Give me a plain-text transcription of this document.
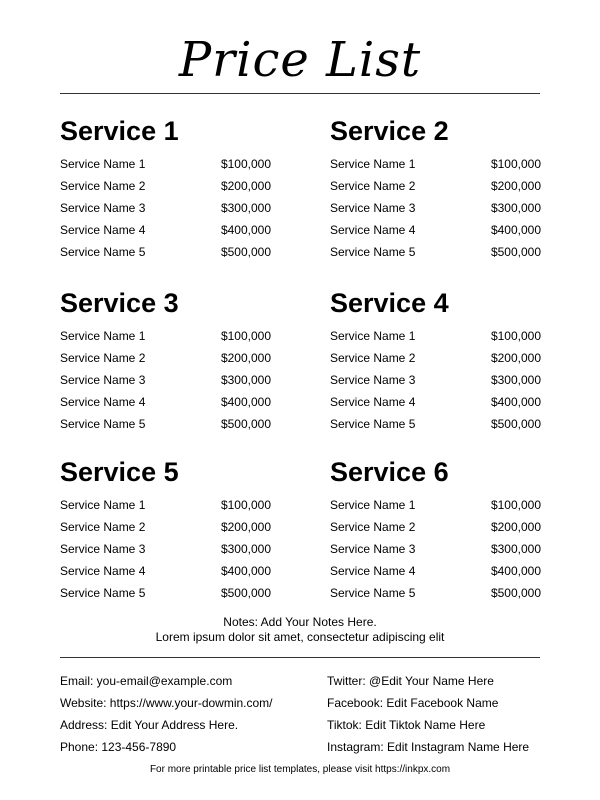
Price List
Service 1
Service Name 1	$100,000
Service Name 2	$200,000
Service Name 3	$300,000
Service Name 4	$400,000
Service Name 5	$500,000
Service 2
Service Name 1	$100,000
Service Name 2	$200,000
Service Name 3	$300,000
Service Name 4	$400,000
Service Name 5	$500,000
Service 3
Service Name 1	$100,000
Service Name 2	$200,000
Service Name 3	$300,000
Service Name 4	$400,000
Service Name 5	$500,000
Service 4
Service Name 1	$100,000
Service Name 2	$200,000
Service Name 3	$300,000
Service Name 4	$400,000
Service Name 5	$500,000
Service 5
Service Name 1	$100,000
Service Name 2	$200,000
Service Name 3	$300,000
Service Name 4	$400,000
Service Name 5	$500,000
Service 6
Service Name 1	$100,000
Service Name 2	$200,000
Service Name 3	$300,000
Service Name 4	$400,000
Service Name 5	$500,000
Notes: Add Your Notes Here.
Lorem ipsum dolor sit amet, consectetur adipiscing elit
Email: you-email@example.com
Website: https://www.your-dowmin.com/
Address: Edit Your Address Here.
Phone: 123-456-7890
Twitter: @Edit Your Name Here
Facebook: Edit Facebook Name
Tiktok: Edit Tiktok Name Here
Instagram: Edit Instagram Name Here
For more printable price list templates, please visit https://inkpx.com
